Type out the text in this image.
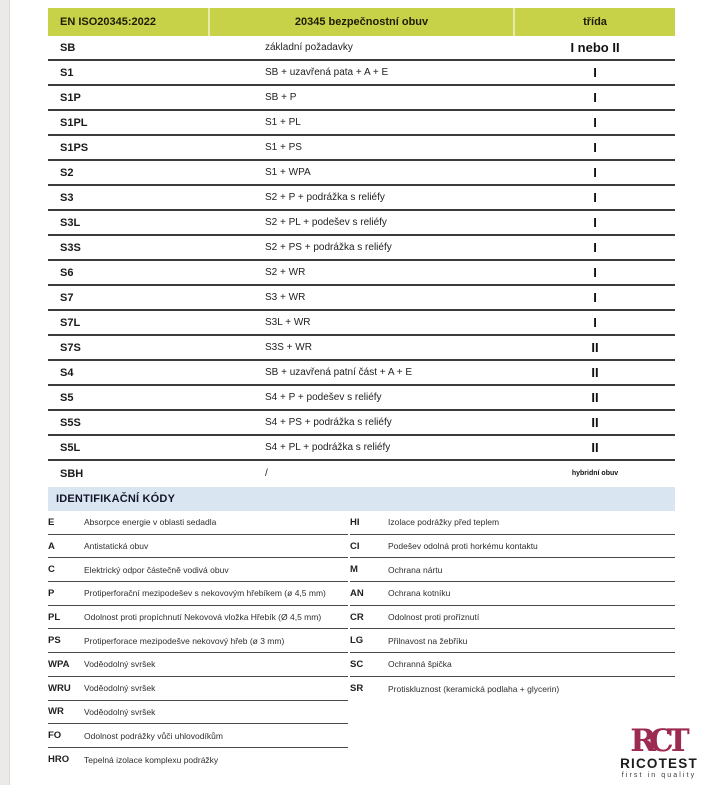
EN ISO20345:2022	20345 bezpečnostní obuv	třída
SB	základní požadavky	I nebo II
S1	SB + uzavřená pata + A + E	I
S1P	SB + P	I
S1PL	S1 + PL	I
S1PS	S1 + PS	I
S2	S1 + WPA	I
S3	S2 + P + podrážka s reliéfy	I
S3L	S2 + PL + podešev s reliéfy	I
S3S	S2 + PS + podrážka s reliéfy	I
S6	S2 + WR	I
S7	S3 + WR	I
S7L	S3L + WR	I
S7S	S3S + WR	II
S4	SB + uzavřená patní část + A + E	II
S5	S4 + P + podešev s reliéfy	II
S5S	S4 + PS + podrážka s reliéfy	II
S5L	S4 + PL + podrážka s reliéfy	II
SBH	/	hybridní obuv
IDENTIFIKAČNÍ KÓDY
E	Absorpce energie v oblasti sedadla
A	Antistatická obuv
C	Elektrický odpor částečně vodivá obuv
P	Protiperforační mezipodešev s nekovovým hřebíkem (ø 4,5 mm)
PL	Odolnost proti propíchnutí Nekovová vložka Hřebík (Ø 4,5 mm)
PS	Protiperforace mezipodešve nekovový hřeb (ø 3 mm)
WPA	Voděodolný svršek
WRU	Voděodolný svršek
WR	Voděodolný svršek
FO	Odolnost podrážky vůči uhlovodíkům
HRO	Tepelná izolace komplexu podrážky
HI	Izolace podrážky před teplem
CI	Podešev odolná proti horkému kontaktu
M	Ochrana nártu
AN	Ochrana kotníku
CR	Odolnost proti proříznutí
LG	Přilnavost na žebříku
SC	Ochranná špička
SR	Protiskluznost (keramická podlaha + glycerin)
RCT
RICOTEST
first in quality
